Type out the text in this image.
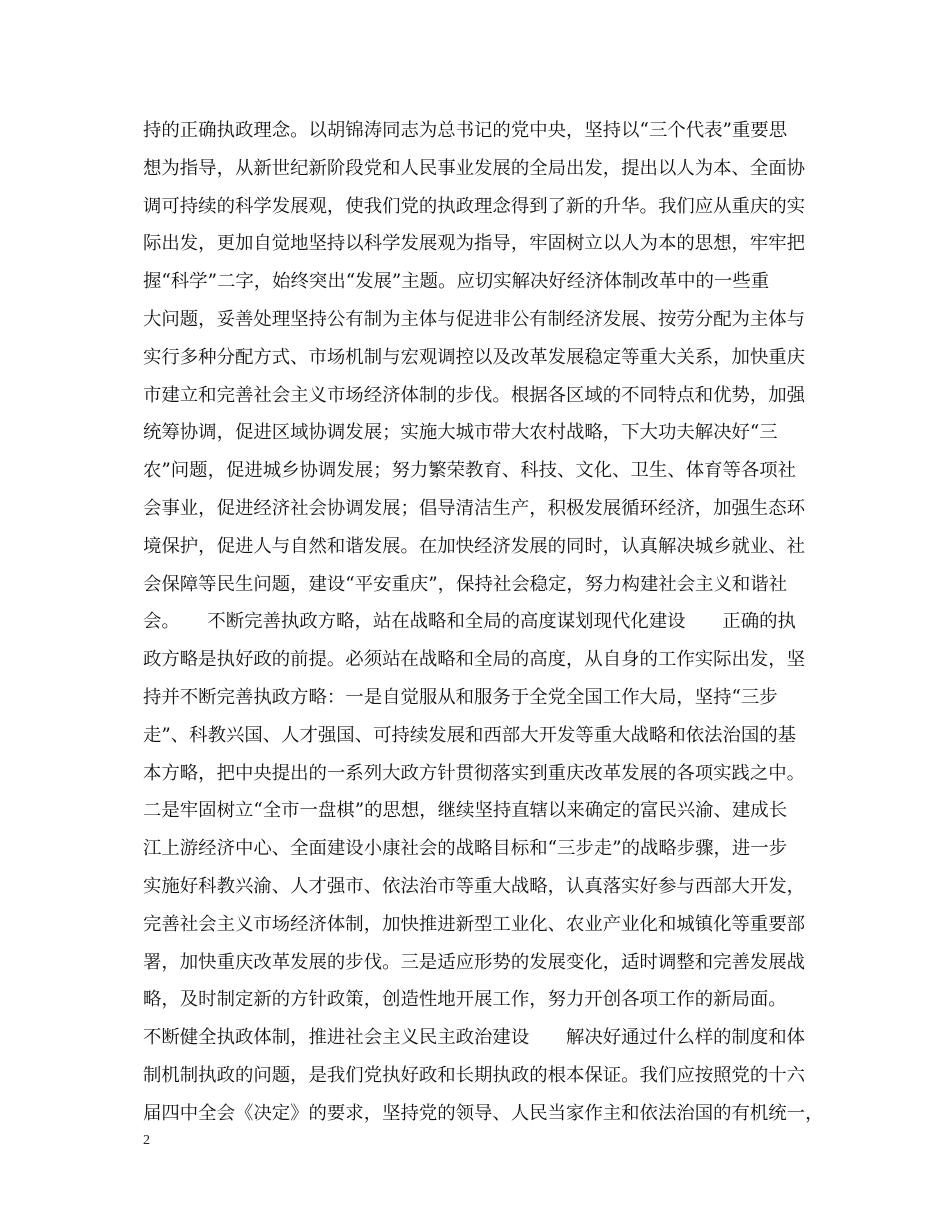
持的正确执政理念。以胡锦涛同志为总书记的党中央，坚持以“三个代表”重要思
想为指导，从新世纪新阶段党和人民事业发展的全局出发，提出以人为本、全面协
调可持续的科学发展观，使我们党的执政理念得到了新的升华。我们应从重庆的实
际出发，更加自觉地坚持以科学发展观为指导，牢固树立以人为本的思想，牢牢把
握“科学”二字，始终突出“发展”主题。应切实解决好经济体制改革中的一些重
大问题，妥善处理坚持公有制为主体与促进非公有制经济发展、按劳分配为主体与
实行多种分配方式、市场机制与宏观调控以及改革发展稳定等重大关系，加快重庆
市建立和完善社会主义市场经济体制的步伐。根据各区域的不同特点和优势，加强
统筹协调，促进区域协调发展；实施大城市带大农村战略，下大功夫解决好“三
农”问题，促进城乡协调发展；努力繁荣教育、科技、文化、卫生、体育等各项社
会事业，促进经济社会协调发展；倡导清洁生产，积极发展循环经济，加强生态环
境保护，促进人与自然和谐发展。在加快经济发展的同时，认真解决城乡就业、社
会保障等民生问题，建设“平安重庆”，保持社会稳定，努力构建社会主义和谐社
会。　　不断完善执政方略，站在战略和全局的高度谋划现代化建设　　正确的执
政方略是执好政的前提。必须站在战略和全局的高度，从自身的工作实际出发，坚
持并不断完善执政方略：一是自觉服从和服务于全党全国工作大局，坚持“三步
走”、科教兴国、人才强国、可持续发展和西部大开发等重大战略和依法治国的基
本方略，把中央提出的一系列大政方针贯彻落实到重庆改革发展的各项实践之中。
二是牢固树立“全市一盘棋”的思想，继续坚持直辖以来确定的富民兴渝、建成长
江上游经济中心、全面建设小康社会的战略目标和“三步走”的战略步骤，进一步
实施好科教兴渝、人才强市、依法治市等重大战略，认真落实好参与西部大开发，
完善社会主义市场经济体制，加快推进新型工业化、农业产业化和城镇化等重要部
署，加快重庆改革发展的步伐。三是适应形势的发展变化，适时调整和完善发展战
略，及时制定新的方针政策，创造性地开展工作，努力开创各项工作的新局面。
不断健全执政体制，推进社会主义民主政治建设　　解决好通过什么样的制度和体
制机制执政的问题，是我们党执好政和长期执政的根本保证。我们应按照党的十六
届四中全会《决定》的要求，坚持党的领导、人民当家作主和依法治国的有机统一，
2
